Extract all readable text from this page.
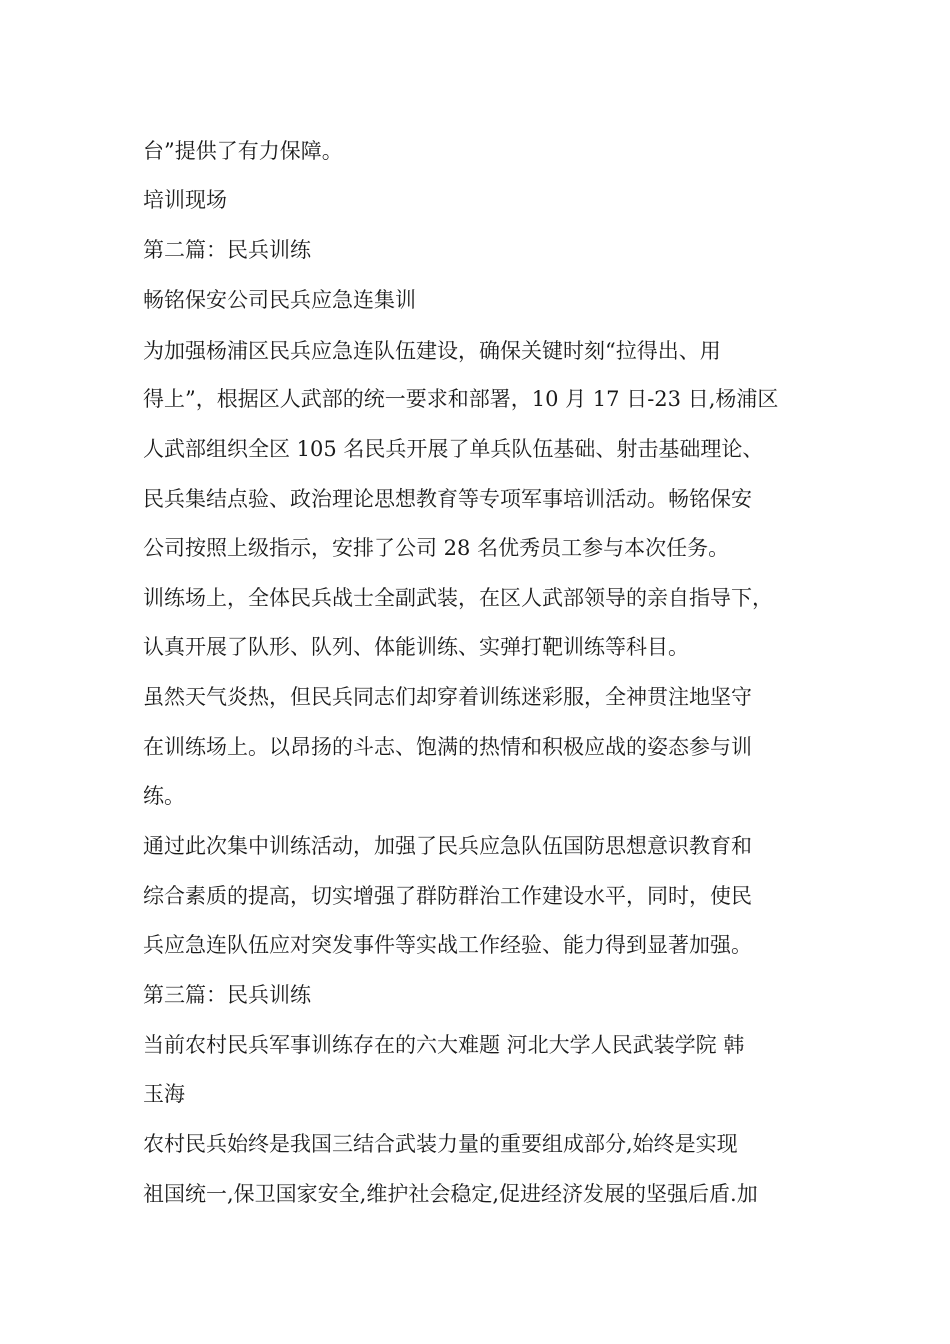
台”提供了有力保障。

培训现场

第二篇：民兵训练

畅铭保安公司民兵应急连集训

为加强杨浦区民兵应急连队伍建设，确保关键时刻“拉得出、用

得上”，根据区人武部的统一要求和部署，10 月 17 日-23 日,杨浦区

人武部组织全区 105 名民兵开展了单兵队伍基础、射击基础理论、

民兵集结点验、政治理论思想教育等专项军事培训活动。畅铭保安

公司按照上级指示，安排了公司 28 名优秀员工参与本次任务。

训练场上，全体民兵战士全副武装，在区人武部领导的亲自指导下，

认真开展了队形、队列、体能训练、实弹打靶训练等科目。

虽然天气炎热，但民兵同志们却穿着训练迷彩服，全神贯注地坚守

在训练场上。以昂扬的斗志、饱满的热情和积极应战的姿态参与训

练。

通过此次集中训练活动，加强了民兵应急队伍国防思想意识教育和

综合素质的提高，切实增强了群防群治工作建设水平，同时，使民

兵应急连队伍应对突发事件等实战工作经验、能力得到显著加强。

第三篇：民兵训练

当前农村民兵军事训练存在的六大难题 河北大学人民武装学院 韩

玉海

农村民兵始终是我国三结合武装力量的重要组成部分,始终是实现

祖国统一,保卫国家安全,维护社会稳定,促进经济发展的坚强后盾.加
